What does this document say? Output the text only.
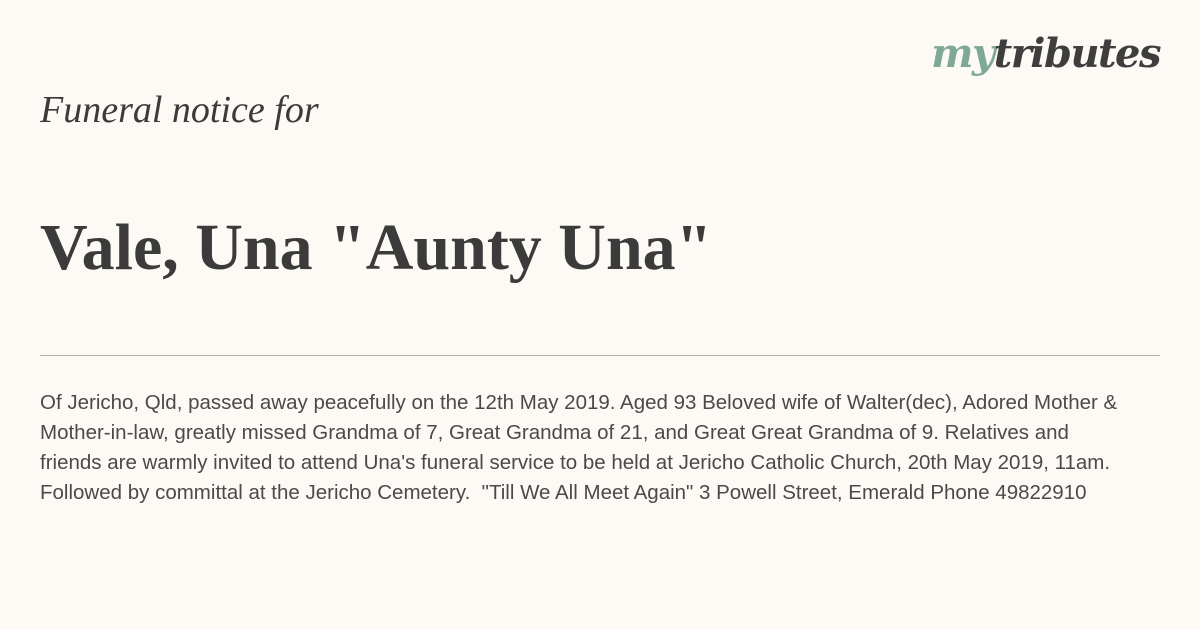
mytributes
Funeral notice for
Vale, Una "Aunty Una"

Of Jericho, Qld, passed away peacefully on the 12th May 2019. Aged 93 Beloved wife of Walter(dec), Adored Mother & Mother-in-law, greatly missed Grandma of 7, Great Grandma of 21, and Great Great Grandma of 9. Relatives and friends are warmly invited to attend Una's funeral service to be held at Jericho Catholic Church, 20th May 2019, 11am.  Followed by committal at the Jericho Cemetery.  "Till We All Meet Again" 3 Powell Street, Emerald Phone 49822910
